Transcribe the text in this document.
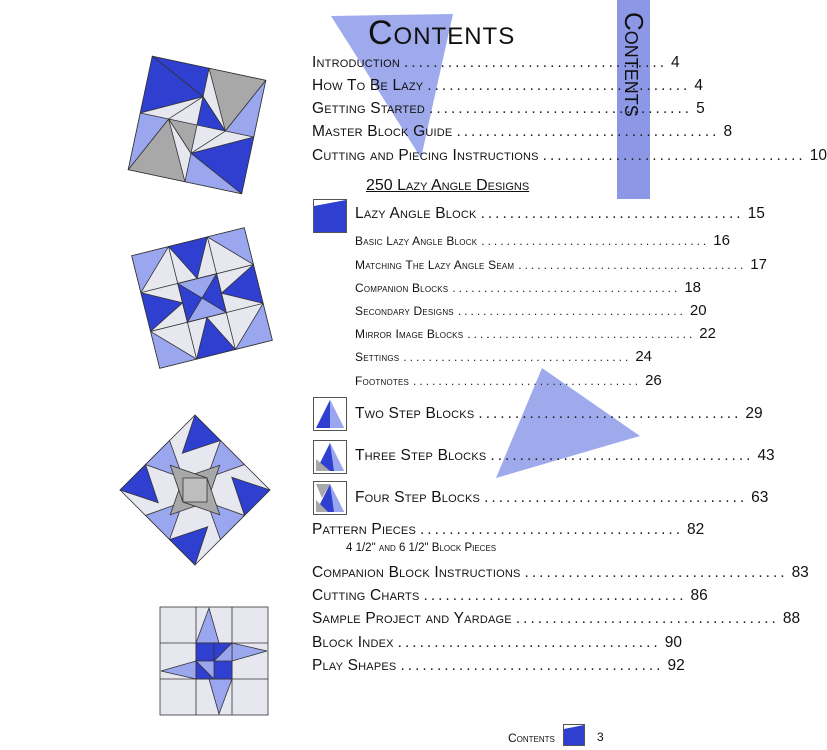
Contents
Contents
Introduction .................................... 4
How To Be Lazy .................................... 4
Getting Started .................................... 5
Master Block Guide .................................... 8
Cutting and Piecing Instructions .................................... 10
250 Lazy Angle Designs
Lazy Angle Block .................................... 15
Basic Lazy Angle Block .................................... 16
Matching The Lazy Angle Seam .................................... 17
Companion Blocks .................................... 18
Secondary Designs .................................... 20
Mirror Image Blocks .................................... 22
Settings .................................... 24
Footnotes .................................... 26
Two Step Blocks .................................... 29
Three Step Blocks .................................... 43
Four Step Blocks .................................... 63
Pattern Pieces .................................... 82
4 1/2" and 6 1/2" Block Pieces
Companion Block Instructions .................................... 83
Cutting Charts .................................... 86
Sample Project and Yardage .................................... 88
Block Index .................................... 90
Play Shapes .................................... 92
Contents	3
